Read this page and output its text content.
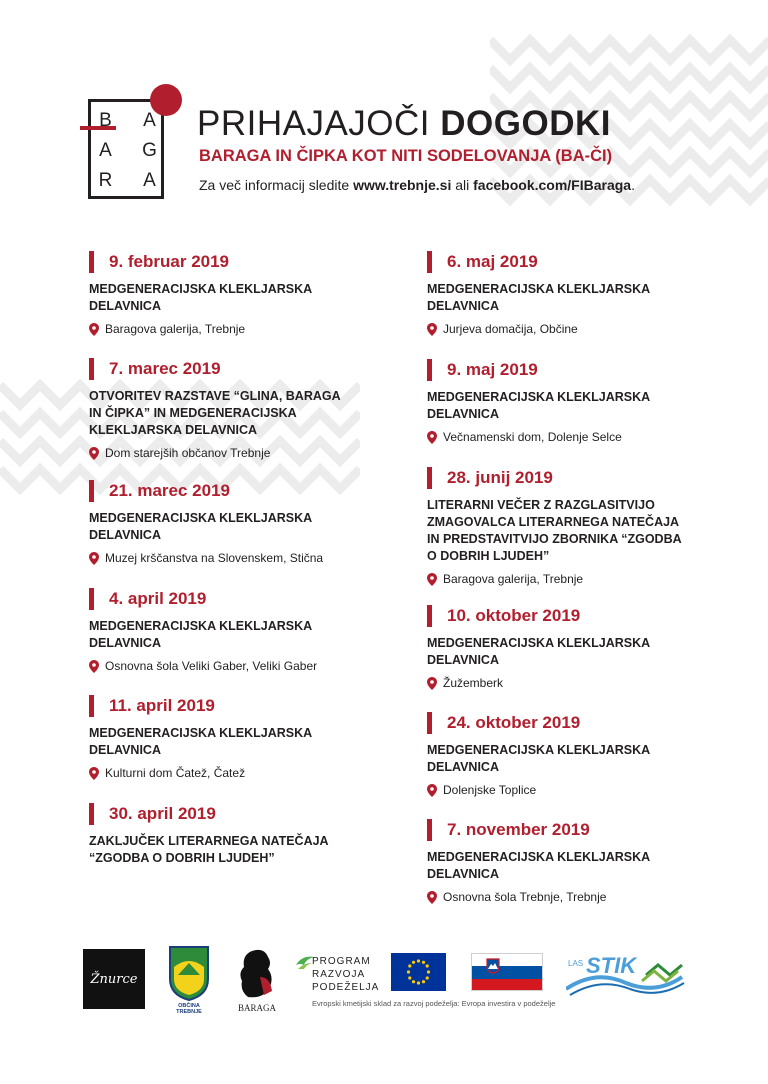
B A
A G
R A
PRIHAJAJOČI DOGODKI
BARAGA IN ČIPKA KOT NITI SODELOVANJA (BA-ČI)
Za več informacij sledite www.trebnje.si ali facebook.com/FIBaraga.
9. februar 2019
MEDGENERACIJSKA KLEKLJARSKA DELAVNICA
Baragova galerija, Trebnje
7. marec 2019
OTVORITEV RAZSTAVE “GLINA, BARAGA IN ČIPKA” IN MEDGENERACIJSKA KLEKLJARSKA DELAVNICA
Dom starejših občanov Trebnje
21. marec 2019
MEDGENERACIJSKA KLEKLJARSKA DELAVNICA
Muzej krščanstva na Slovenskem, Stična
4. april 2019
MEDGENERACIJSKA KLEKLJARSKA DELAVNICA
Osnovna šola Veliki Gaber, Veliki Gaber
11. april 2019
MEDGENERACIJSKA KLEKLJARSKA DELAVNICA
Kulturni dom Čatež, Čatež
30. april 2019
ZAKLJUČEK LITERARNEGA NATEČAJA “ZGODBA O DOBRIH LJUDEH”
6. maj 2019
MEDGENERACIJSKA KLEKLJARSKA DELAVNICA
Jurjeva domačija, Občine
9. maj 2019
MEDGENERACIJSKA KLEKLJARSKA DELAVNICA
Večnamenski dom, Dolenje Selce
28. junij 2019
LITERARNI VEČER Z RAZGLASITVIJO ZMAGOVALCA LITERARNEGA NATEČAJA IN PREDSTAVITVIJO ZBORNIKA “ZGODBA O DOBRIH LJUDEH”
Baragova galerija, Trebnje
10. oktober 2019
MEDGENERACIJSKA KLEKLJARSKA DELAVNICA
Žužemberk
24. oktober 2019
MEDGENERACIJSKA KLEKLJARSKA DELAVNICA
Dolenjske Toplice
7. november 2019
MEDGENERACIJSKA KLEKLJARSKA DELAVNICA
Osnovna šola Trebnje, Trebnje
Žnurce
OBČINA TREBNJE	BARAGA
PROGRAM
RAZVOJA
PODEŽELJA
LAS STIK
Evropski kmetijski sklad za razvoj podeželja: Evropa investira v podeželje
